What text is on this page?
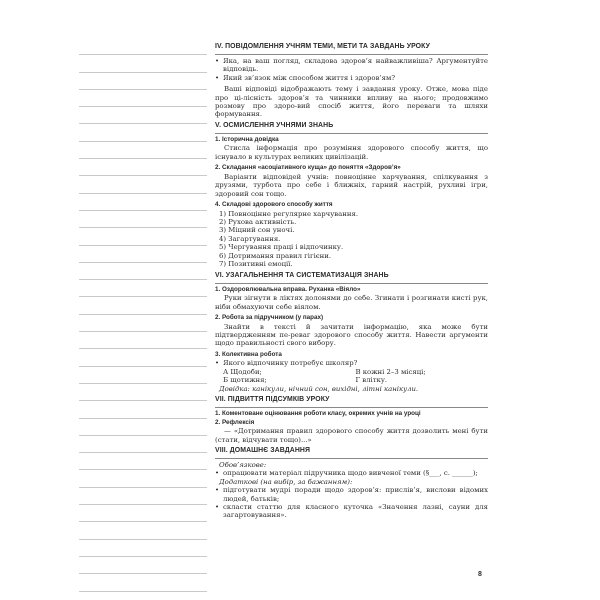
IV. ПОВІДОМЛЕННЯ УЧНЯМ ТЕМИ, МЕТИ ТА ЗАВДАНЬ УРОКУ

• Яка, на ваш погляд, складова здоров’я найважливіша? Аргументуйте відповідь.

• Який зв’язок між способом життя і здоров’ям?

Ваші відповіді відображають тему і завдання уроку. Отже, мова піде про ці-лісність здоров’я та чинники впливу на нього; продовжимо розмову про здоро-вий спосіб життя, його переваги та шляхи формування.

V. ОСМИСЛЕННЯ УЧНЯМИ ЗНАНЬ
1. Історична довідка

Стисла інформація про розуміння здорового способу життя, що існувало в культурах великих цивілізацій.

2. Складання «асоціативного куща» до поняття «Здоров’я»

Варіанти відповідей учнів: повноцінне харчування, спілкування з друзями, турбота про себе і ближніх, гарний настрій, рухливі ігри, здоровий сон тощо.

4. Складові здорового способу життя

1) Повноцінне регулярне харчування.

2) Рухова активність.

3) Міцний сон уночі.

4) Загартування.

5) Чергування праці і відпочинку.

6) Дотримання правил гігієни.

7) Позитивні емоції.

VI. УЗАГАЛЬНЕННЯ ТА СИСТЕМАТИЗАЦІЯ ЗНАНЬ
1. Оздоровлювальна вправа. Руханка «Віяло»

Руки зігнути в ліктях долонями до себе. Згинати і розгинати кисті рук, ніби обмахуючи себе віялом.

2. Робота за підручником (у парах)

Знайти в тексті й зачитати інформацію, яка може бути підтвердженням пе-реваг здорового способу життя. Навести аргументи щодо правильності свого вибору.

3. Колективна робота

• Якого відпочинку потребує школяр?

А Щодоби;	В кожні 2–3 місяці;
Б щотижня;	Г влітку.

Довідка: канікули, нічний сон, вихідні, літні канікули.

VII. ПІДВИТТЯ ПІДСУМКІВ УРОКУ
1. Коментоване оцінювання роботи класу, окремих учнів на уроці
2. Рефлексія

— «Дотримання правил здорового способу життя дозволить мені бути (стати, відчувати тощо)...»

VIII. ДОМАШНЄ ЗАВДАННЯ

Обов’язкове:

• опрацювати матеріал підручника щодо вивченої теми (§___, с. ______);

Додаткові (на вибір, за бажанням):

• підготувати мудрі поради щодо здоров’я: прислів’я, вислови відомих людей, батьків;

• скласти статтю для класного куточка «Значення лазні, сауни для загартовування».

8
